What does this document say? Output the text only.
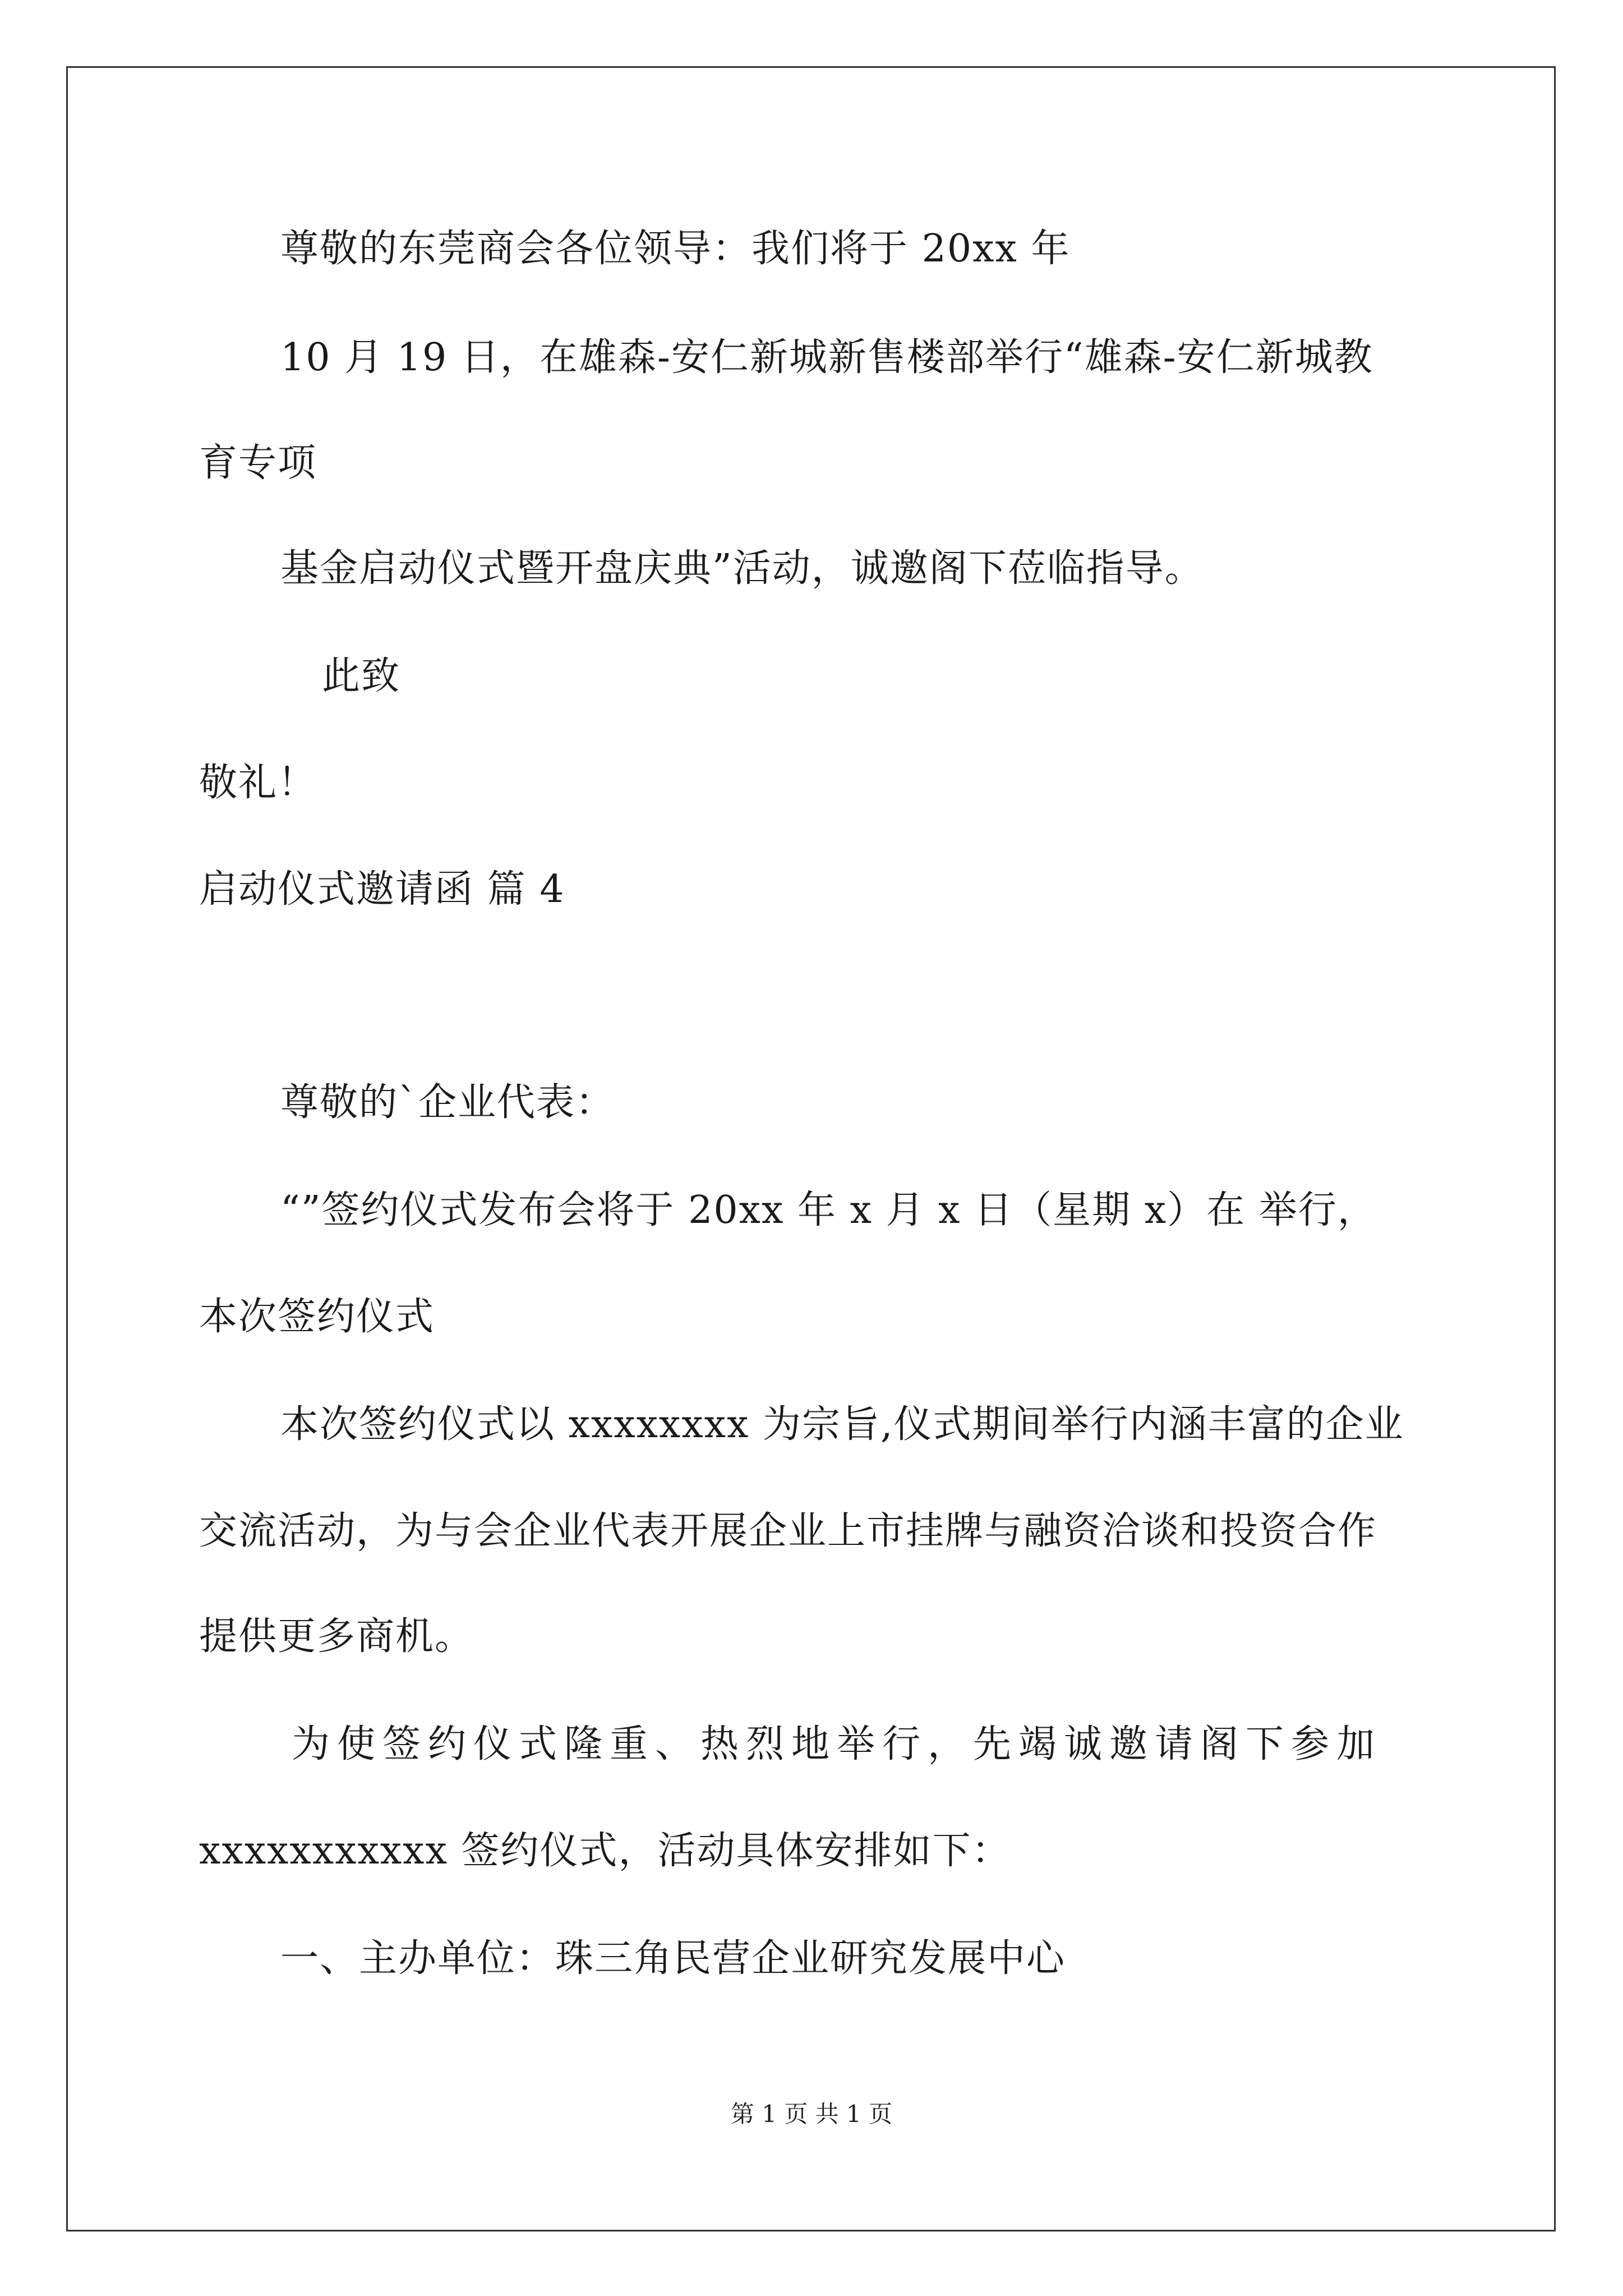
尊敬的东莞商会各位领导：我们将于 20xx 年
10 月 19 日，在雄森-安仁新城新售楼部举行“雄森-安仁新城教
育专项
基金启动仪式暨开盘庆典”活动，诚邀阁下莅临指导。
此致
敬礼！
启动仪式邀请函 篇 4
尊敬的`企业代表：
“”签约仪式发布会将于 20xx 年 x 月 x 日（星期 x）在 举行，
本次签约仪式
本次签约仪式以 xxxxxxxx 为宗旨,仪式期间举行内涵丰富的企业
交流活动，为与会企业代表开展企业上市挂牌与融资洽谈和投资合作
提供更多商机。
为使签约仪式隆重、热烈地举行，先竭诚邀请阁下参加
xxxxxxxxxxx 签约仪式，活动具体安排如下：
一、主办单位：珠三角民营企业研究发展中心
第 1 页 共 1 页
